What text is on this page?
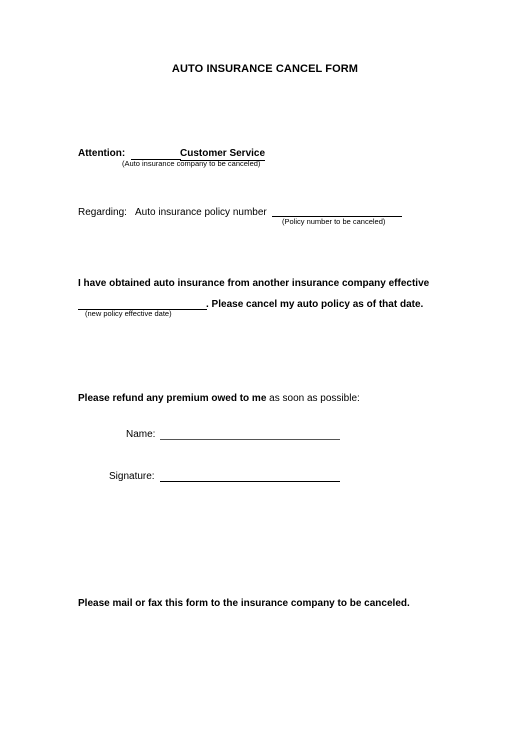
AUTO INSURANCE CANCEL FORM
Attention:	Customer Service
(Auto insurance company to be canceled)
Regarding: Auto insurance policy number
(Policy number to be canceled)
I have obtained auto insurance from another insurance company effective
. Please cancel my auto policy as of that date.
(new policy effective date)
Please refund any premium owed to me as soon as possible:
Name:
Signature:
Please mail or fax this form to the insurance company to be canceled.
